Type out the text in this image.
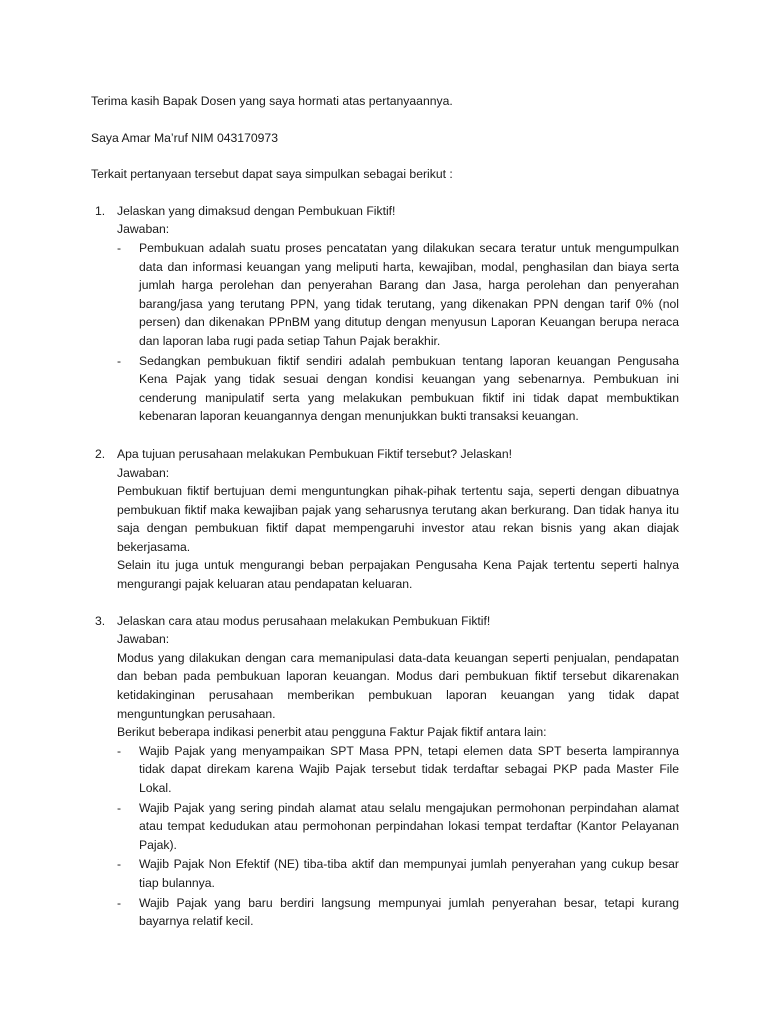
Terima kasih Bapak Dosen yang saya hormati atas pertanyaannya.

Saya Amar Ma’ruf NIM 043170973

Terkait pertanyaan tersebut dapat saya simpulkan sebagai berikut :

1. Jelaskan yang dimaksud dengan Pembukuan Fiktif!

Jawaban:

- Pembukuan adalah suatu proses pencatatan yang dilakukan secara teratur untuk mengumpulkan data dan informasi keuangan yang meliputi harta, kewajiban, modal, penghasilan dan biaya serta jumlah harga perolehan dan penyerahan Barang dan Jasa, harga perolehan dan penyerahan barang/jasa yang terutang PPN, yang tidak terutang, yang dikenakan PPN dengan tarif 0% (nol persen) dan dikenakan PPnBM yang ditutup dengan menyusun Laporan Keuangan berupa neraca dan laporan laba rugi pada setiap Tahun Pajak berakhir.
- Sedangkan pembukuan fiktif sendiri adalah pembukuan tentang laporan keuangan Pengusaha Kena Pajak yang tidak sesuai dengan kondisi keuangan yang sebenarnya. Pembukuan ini cenderung manipulatif serta yang melakukan pembukuan fiktif ini tidak dapat membuktikan kebenaran laporan keuangannya dengan menunjukkan bukti transaksi keuangan.
2. Apa tujuan perusahaan melakukan Pembukuan Fiktif tersebut? Jelaskan!

Jawaban:

Pembukuan fiktif bertujuan demi menguntungkan pihak-pihak tertentu saja, seperti dengan dibuatnya pembukuan fiktif maka kewajiban pajak yang seharusnya terutang akan berkurang. Dan tidak hanya itu saja dengan pembukuan fiktif dapat mempengaruhi investor atau rekan bisnis yang akan diajak bekerjasama.

Selain itu juga untuk mengurangi beban perpajakan Pengusaha Kena Pajak tertentu seperti halnya mengurangi pajak keluaran atau pendapatan keluaran.

3. Jelaskan cara atau modus perusahaan melakukan Pembukuan Fiktif!

Jawaban:

Modus yang dilakukan dengan cara memanipulasi data-data keuangan seperti penjualan, pendapatan dan beban pada pembukuan laporan keuangan. Modus dari pembukuan fiktif tersebut dikarenakan ketidakinginan perusahaan memberikan pembukuan laporan keuangan yang tidak dapat menguntungkan perusahaan.

Berikut beberapa indikasi penerbit atau pengguna Faktur Pajak fiktif antara lain:

- Wajib Pajak yang menyampaikan SPT Masa PPN, tetapi elemen data SPT beserta lampirannya tidak dapat direkam karena Wajib Pajak tersebut tidak terdaftar sebagai PKP pada Master File Lokal.
- Wajib Pajak yang sering pindah alamat atau selalu mengajukan permohonan perpindahan alamat atau tempat kedudukan atau permohonan perpindahan lokasi tempat terdaftar (Kantor Pelayanan Pajak).
- Wajib Pajak Non Efektif (NE) tiba-tiba aktif dan mempunyai jumlah penyerahan yang cukup besar tiap bulannya.
- Wajib Pajak yang baru berdiri langsung mempunyai jumlah penyerahan besar, tetapi kurang bayarnya relatif kecil.
